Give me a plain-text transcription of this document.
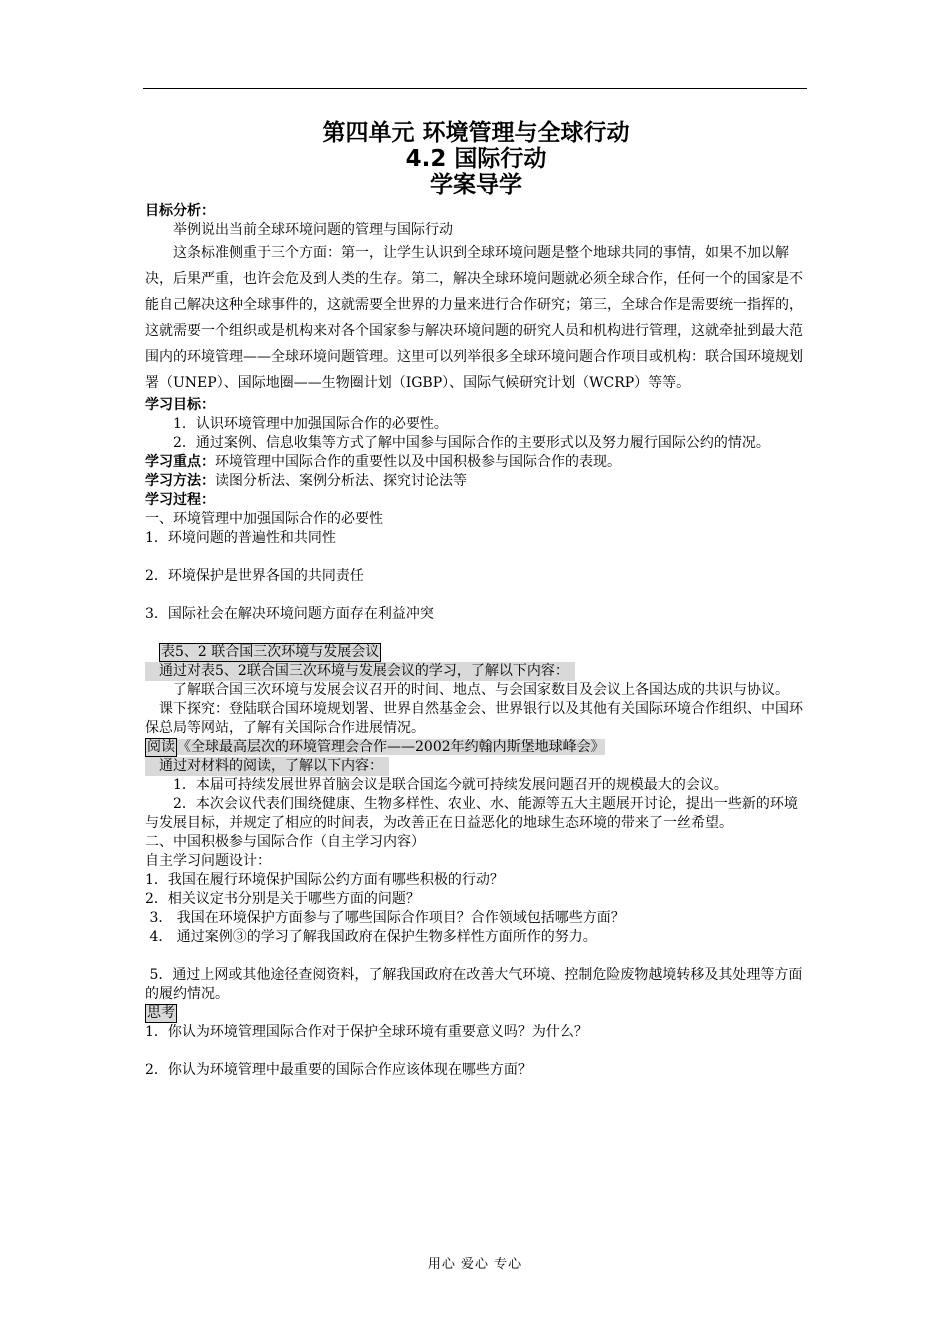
第四单元 环境管理与全球行动
4.2 国际行动
学案导学

目标分析：

举例说出当前全球环境问题的管理与国际行动

这条标准侧重于三个方面：第一，让学生认识到全球环境问题是整个地球共同的事情，如果不加以解决，后果严重，也许会危及到人类的生存。第二，解决全球环境问题就必须全球合作，任何一个的国家是不能自己解决这种全球事件的，这就需要全世界的力量来进行合作研究；第三，全球合作是需要统一指挥的，这就需要一个组织或是机构来对各个国家参与解决环境问题的研究人员和机构进行管理，这就牵扯到最大范围内的环境管理——全球环境问题管理。这里可以列举很多全球环境问题合作项目或机构：联合国环境规划署（UNEP）、国际地圈——生物圈计划（IGBP）、国际气候研究计划（WCRP）等等。

学习目标：

1．认识环境管理中加强国际合作的必要性。

2．通过案例、信息收集等方式了解中国参与国际合作的主要形式以及努力履行国际公约的情况。

学习重点：环境管理中国际合作的重要性以及中国积极参与国际合作的表现。

学习方法：读图分析法、案例分析法、探究讨论法等

学习过程：

一、环境管理中加强国际合作的必要性

1．环境问题的普遍性和共同性

2．环境保护是世界各国的共同责任

3．国际社会在解决环境问题方面存在利益冲突

表5、2 联合国三次环境与发展会议

通过对表5、2联合国三次环境与发展会议的学习，了解以下内容：

了解联合国三次环境与发展会议召开的时间、地点、与会国家数目及会议上各国达成的共识与协议。

课下探究：登陆联合国环境规划署、世界自然基金会、世界银行以及其他有关国际环境合作组织、中国环保总局等网站，了解有关国际合作进展情况。

阅读 《全球最高层次的环境管理会合作——2002年约翰内斯堡地球峰会》

通过对材料的阅读，了解以下内容：

1．本届可持续发展世界首脑会议是联合国迄今就可持续发展问题召开的规模最大的会议。

2．本次会议代表们围绕健康、生物多样性、农业、水、能源等五大主题展开讨论，提出一些新的环境与发展目标，并规定了相应的时间表，为改善正在日益恶化的地球生态环境的带来了一丝希望。

二、中国积极参与国际合作（自主学习内容）

自主学习问题设计：

1．我国在履行环境保护国际公约方面有哪些积极的行动？

2．相关议定书分别是关于哪些方面的问题？

3． 我国在环境保护方面参与了哪些国际合作项目？合作领域包括哪些方面？

4． 通过案例③的学习了解我国政府在保护生物多样性方面所作的努力。

5．通过上网或其他途径查阅资料，了解我国政府在改善大气环境、控制危险废物越境转移及其处理等方面的履约情况。

思考

1．你认为环境管理国际合作对于保护全球环境有重要意义吗？为什么？

2．你认为环境管理中最重要的国际合作应该体现在哪些方面？

用心 爱心 专心
